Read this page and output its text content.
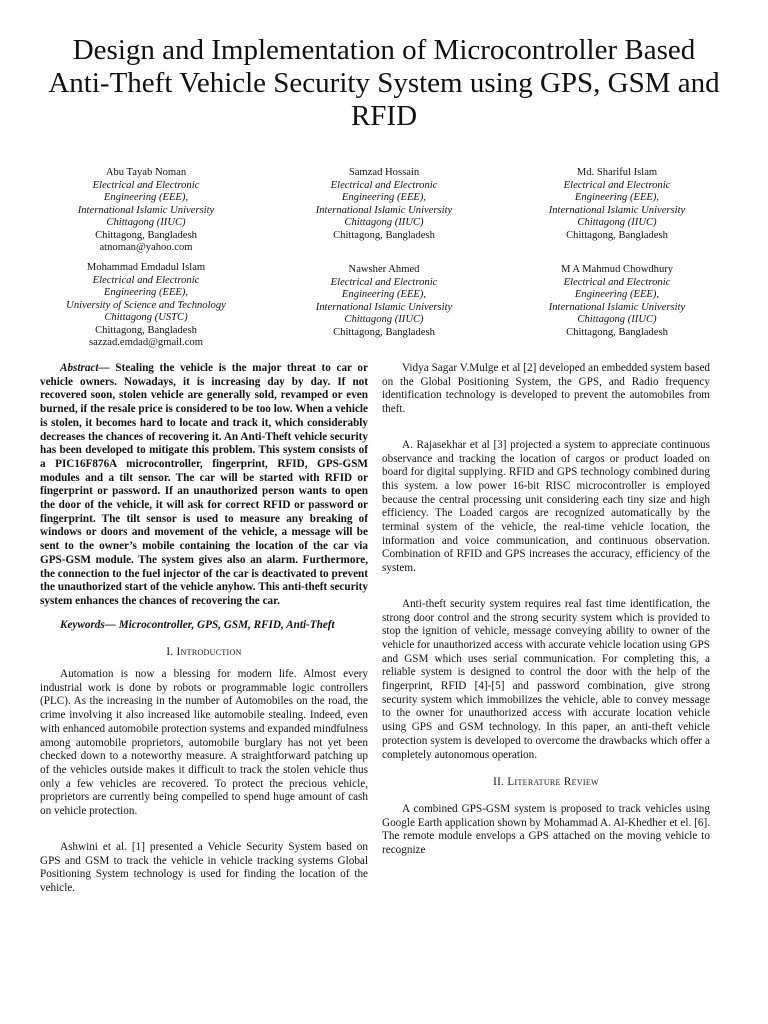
Design and Implementation of Microcontroller Based Anti-Theft Vehicle Security System using GPS, GSM and RFID
Abu Tayab Noman
Electrical and Electronic
Engineering (EEE),
International Islamic University
Chittagong (IIUC)
Chittagong, Bangladesh
atnoman@yahoo.com
Samzad Hossain
Electrical and Electronic
Engineering (EEE),
International Islamic University
Chittagong (IIUC)
Chittagong, Bangladesh
Md. Shariful Islam
Electrical and Electronic
Engineering (EEE),
International Islamic University
Chittagong (IIUC)
Chittagong, Bangladesh
Mohammad Emdadul Islam
Electrical and Electronic
Engineering (EEE),
University of Science and Technology
Chittagong (USTC)
Chittagong, Bangladesh
sazzad.emdad@gmail.com
Nawsher Ahmed
Electrical and Electronic
Engineering (EEE),
International Islamic University
Chittagong (IIUC)
Chittagong, Bangladesh
M A Mahmud Chowdhury
Electrical and Electronic
Engineering (EEE),
International Islamic University
Chittagong (IIUC)
Chittagong, Bangladesh

Abstract— Stealing the vehicle is the major threat to car or vehicle owners. Nowadays, it is increasing day by day. If not recovered soon, stolen vehicle are generally sold, revamped or even burned, if the resale price is considered to be too low. When a vehicle is stolen, it becomes hard to locate and track it, which considerably decreases the chances of recovering it. An Anti-Theft vehicle security has been developed to mitigate this problem. This system consists of a PIC16F876A microcontroller, fingerprint, RFID, GPS-GSM modules and a tilt sensor. The car will be started with RFID or fingerprint or password. If an unauthorized person wants to open the door of the vehicle, it will ask for correct RFID or password or fingerprint. The tilt sensor is used to measure any breaking of windows or doors and movement of the vehicle, a message will be sent to the owner’s mobile containing the location of the car via GPS-GSM module. The system gives also an alarm. Furthermore, the connection to the fuel injector of the car is deactivated to prevent the unauthorized start of the vehicle anyhow. This anti-theft security system enhances the chances of recovering the car.

Keywords— Microcontroller, GPS, GSM, RFID, Anti-Theft

I. Introduction

Automation is now a blessing for modern life. Almost every industrial work is done by robots or programmable logic controllers (PLC). As the increasing in the number of Automobiles on the road, the crime involving it also increased like automobile stealing. Indeed, even with enhanced automobile protection systems and expanded mindfulness among automobile proprietors, automobile burglary has not yet been checked down to a noteworthy measure. A straightforward patching up of the vehicles outside makes it difficult to track the stolen vehicle thus only a few vehicles are recovered. To protect the precious vehicle, proprietors are currently being compelled to spend huge amount of cash on vehicle protection.

Ashwini et al. [1] presented a Vehicle Security System based on GPS and GSM to track the vehicle in vehicle tracking systems Global Positioning System technology is used for finding the location of the vehicle.

Vidya Sagar V.Mulge et al [2] developed an embedded system based on the Global Positioning System, the GPS, and Radio frequency identification technology is developed to prevent the automobiles from theft.

A. Rajasekhar et al [3] projected a system to appreciate continuous observance and tracking the location of cargos or product loaded on board for digital supplying. RFID and GPS technology combined during this system. a low power 16-bit RISC microcontroller is employed because the central processing unit considering each tiny size and high efficiency. The Loaded cargos are recognized automatically by the terminal system of the vehicle, the real-time vehicle location, the information and voice communication, and continuous observation. Combination of RFID and GPS increases the accuracy, efficiency of the system.

Anti-theft security system requires real fast time identification, the strong door control and the strong security system which is provided to stop the ignition of vehicle, message conveying ability to owner of the vehicle for unauthorized access with accurate vehicle location using GPS and GSM which uses serial communication. For completing this, a reliable system is designed to control the door with the help of the fingerprint, RFID [4]-[5] and password combination, give strong security system which immobilizes the vehicle, able to convey message to the owner for unauthorized access with accurate location vehicle using GPS and GSM technology. In this paper, an anti-theft vehicle protection system is developed to overcome the drawbacks which offer a completely autonomous operation.

II. Literature Review

A combined GPS-GSM system is proposed to track vehicles using Google Earth application shown by Mohammad A. Al-Khedher et el. [6]. The remote module envelops a GPS attached on the moving vehicle to recognize
